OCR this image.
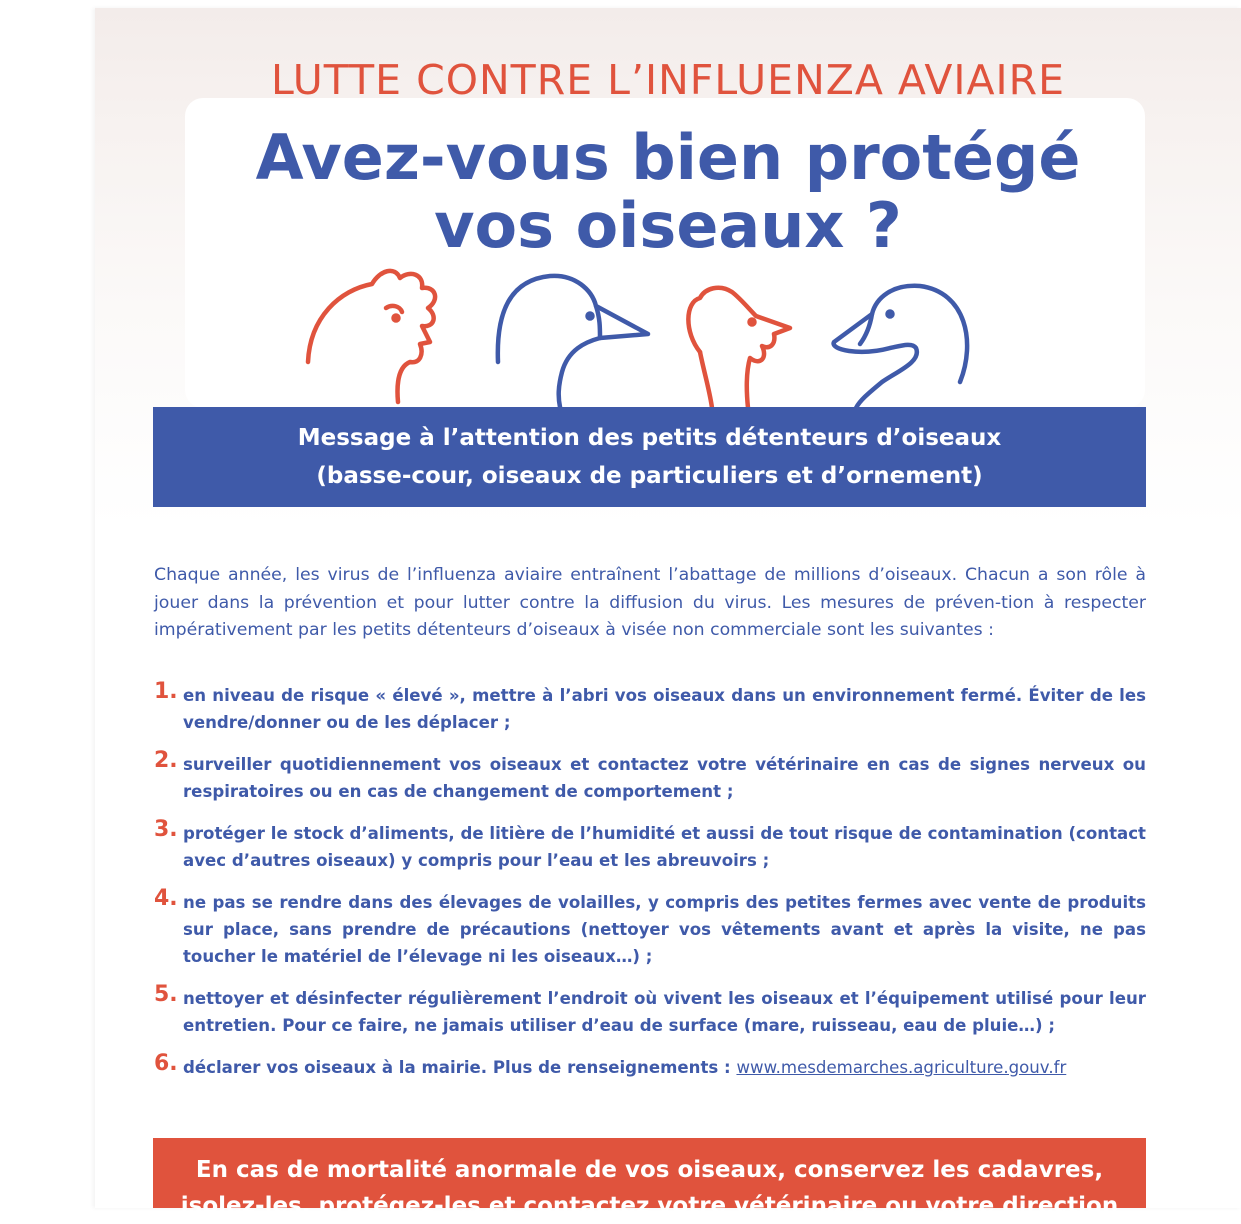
LUTTE CONTRE L’INFLUENZA AVIAIRE
Avez-vous bien protégé
vos oiseaux ?
Message à l’attention des petits détenteurs d’oiseaux
(basse-cour, oiseaux de particuliers et d’ornement)

Chaque année, les virus de l’influenza aviaire entraînent l’abattage de millions d’oiseaux. Chacun a son rôle à jouer dans la prévention et pour lutter contre la diffusion du virus. Les mesures de préven-tion à respecter impérativement par les petits détenteurs d’oiseaux à visée non commerciale sont les suivantes :

1. en niveau de risque « élevé », mettre à l’abri vos oiseaux dans un environnement fermé. Éviter de les vendre/donner ou de les déplacer ;
2. surveiller quotidiennement vos oiseaux et contactez votre vétérinaire en cas de signes nerveux ou respiratoires ou en cas de changement de comportement ;
3. protéger le stock d’aliments, de litière de l’humidité et aussi de tout risque de contamination (contact avec d’autres oiseaux) y compris pour l’eau et les abreuvoirs ;
4. ne pas se rendre dans des élevages de volailles, y compris des petites fermes avec vente de produits sur place, sans prendre de précautions (nettoyer vos vêtements avant et après la visite, ne pas toucher le matériel de l’élevage ni les oiseaux…) ;
5. nettoyer et désinfecter régulièrement l’endroit où vivent les oiseaux et l’équipement utilisé pour leur entretien. Pour ce faire, ne jamais utiliser d’eau de surface (mare, ruisseau, eau de pluie…) ;
6. déclarer vos oiseaux à la mairie. Plus de renseignements : www.mesdemarches.agriculture.gouv.fr
En cas de mortalité anormale de vos oiseaux, conservez les cadavres,
isolez-les, protégez-les et contactez votre vétérinaire ou votre direction
